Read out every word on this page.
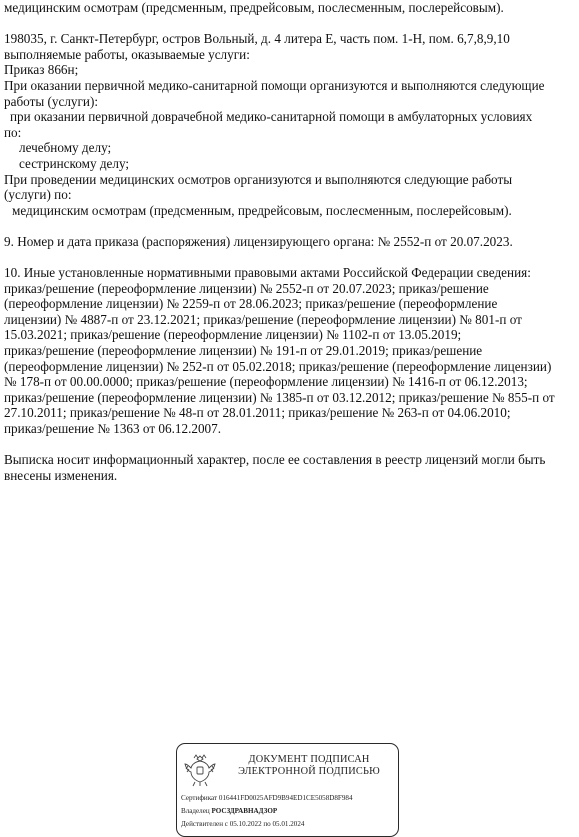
медицинским осмотрам (предсменным, предрейсовым, послесменным, послерейсовым).

198035, г. Санкт-Петербург, остров Вольный, д. 4 литера Е, часть пом. 1-Н, пом. 6,7,8,9,10

выполняемые работы, оказываемые услуги:

Приказ 866н;

При оказании первичной медико-санитарной помощи организуются и выполняются следующие

работы (услуги):

при оказании первичной доврачебной медико-санитарной помощи в амбулаторных условиях

по:

лечебному делу;

сестринскому делу;

При проведении медицинских осмотров организуются и выполняются следующие работы

(услуги) по:

медицинским осмотрам (предсменным, предрейсовым, послесменным, послерейсовым).

9. Номер и дата приказа (распоряжения) лицензирующего органа: № 2552-п от 20.07.2023.

10. Иные установленные нормативными правовыми актами Российской Федерации сведения:

приказ/решение (переоформление лицензии) № 2552-п от 20.07.2023; приказ/решение

(переоформление лицензии) № 2259-п от 28.06.2023; приказ/решение (переоформление

лицензии) № 4887-п от 23.12.2021; приказ/решение (переоформление лицензии) № 801-п от

15.03.2021; приказ/решение (переоформление лицензии) № 1102-п от 13.05.2019;

приказ/решение (переоформление лицензии) № 191-п от 29.01.2019; приказ/решение

(переоформление лицензии) № 252-п от 05.02.2018; приказ/решение (переоформление лицензии)

№ 178-п от 00.00.0000; приказ/решение (переоформление лицензии) № 1416-п от 06.12.2013;

приказ/решение (переоформление лицензии) № 1385-п от 03.12.2012; приказ/решение № 855-п от

27.10.2011; приказ/решение № 48-п от 28.01.2011; приказ/решение № 263-п от 04.06.2010;

приказ/решение № 1363 от 06.12.2007.

Выписка носит информационный характер, после ее составления в реестр лицензий могли быть

внесены изменения.

ДОКУМЕНТ ПОДПИСАН
ЭЛЕКТРОННОЙ ПОДПИСЬЮ
Сертификат 016441FD0025AFD9B94ED1CE5058D8F984
Владелец РОСЗДРАВНАДЗОР
Действителен с 05.10.2022 по 05.01.2024
